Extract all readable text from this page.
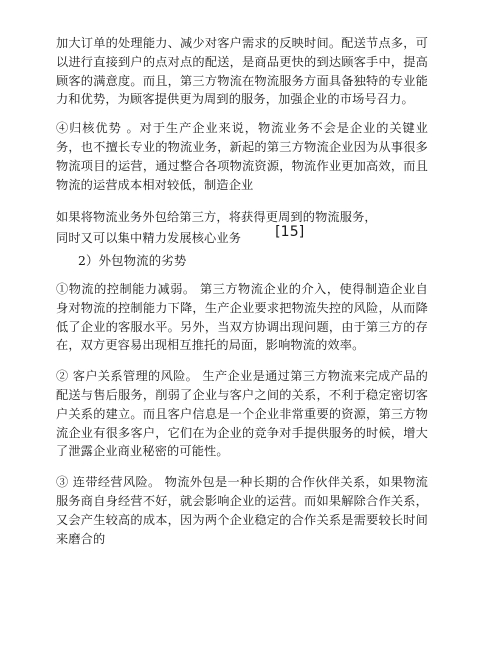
加大订单的处理能力、减少对客户需求的反映时间。配送节点多，可以进行直接到户的点对点的配送，是商品更快的到达顾客手中，提高顾客的满意度。而且，第三方物流在物流服务方面具备独特的专业能力和优势，为顾客提供更为周到的服务，加强企业的市场号召力。

④归核优势 。对于生产企业来说，物流业务不会是企业的关键业务，也不擅长专业的物流业务，新起的第三方物流企业因为从事很多物流项目的运营，通过整合各项物流资源，物流作业更加高效，而且物流的运营成本相对较低，制造企业

如果将物流业务外包给第三方，将获得更周到的物流服务，

同时又可以集中精力发展核心业务 [15]

2）外包物流的劣势

①物流的控制能力减弱。 第三方物流企业的介入，使得制造企业自身对物流的控制能力下降，生产企业要求把物流失控的风险，从而降低了企业的客服水平。另外，当双方协调出现问题，由于第三方的存在，双方更容易出现相互推托的局面，影响物流的效率。

② 客户关系管理的风险。 生产企业是通过第三方物流来完成产品的配送与售后服务，削弱了企业与客户之间的关系，不利于稳定密切客户关系的建立。而且客户信息是一个企业非常重要的资源，第三方物流企业有很多客户，它们在为企业的竞争对手提供服务的时候，增大了泄露企业商业秘密的可能性。

③ 连带经营风险。 物流外包是一种长期的合作伙伴关系，如果物流服务商自身经营不好，就会影响企业的运营。而如果解除合作关系，又会产生较高的成本，因为两个企业稳定的合作关系是需要较长时间来磨合的
